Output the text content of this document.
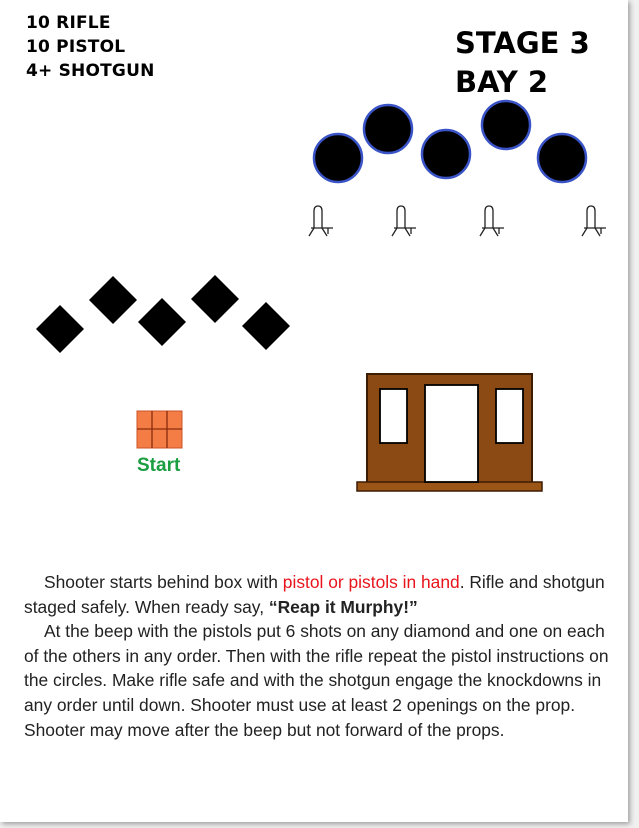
10 RIFLE
10 PISTOL
4+ SHOTGUN
STAGE 3
BAY 2
Start

Shooter starts behind box with pistol or pistols in hand. Rifle and shotgun staged safely. When ready say, “Reap it Murphy!”

At the beep with the pistols put 6 shots on any diamond and one on each of the others in any order. Then with the rifle repeat the pistol instructions on the circles. Make rifle safe and with the shotgun engage the knockdowns in any order until down. Shooter must use at least 2 openings on the prop. Shooter may move after the beep but not forward of the props.
